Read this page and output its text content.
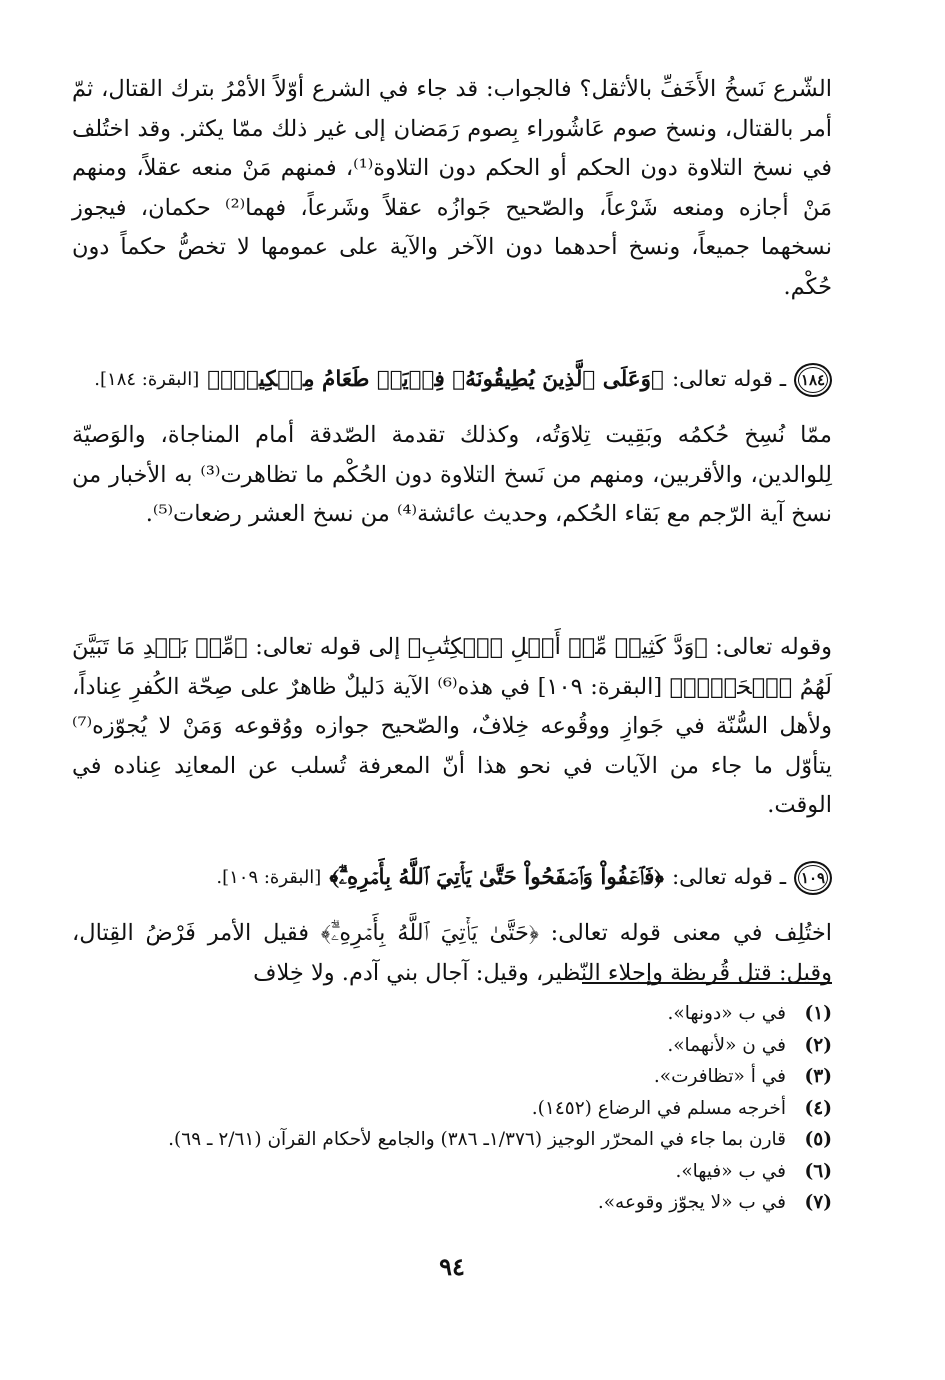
الشّرع نَسخُ الأَخَفِّ بالأثقل؟ فالجواب: قد جاء في الشرع أوّلاً الأمْرُ بترك القتال، ثمّ أمر بالقتال، ونسخ صوم عَاشُوراء بِصوم رَمَضان إلى غير ذلك ممّا يكثر. وقد اختُلف في نسخ التلاوة دون الحكم أو الحكم دون التلاوة⁽¹⁾، فمنهم مَنْ منعه عقلاً، ومنهم مَنْ أجازه ومنعه شَرْعاً، والصّحيح جَوازُه عقلاً وشَرعاً، فهما⁽²⁾ حكمان، فيجوز نسخهما جميعاً، ونسخ أحدهما دون الآخر والآية على عمومها لا تخصُّ حكماً دون حُكْم.

١٨٤
ـ قوله تعالى:
﴿وَعَلَى ٱلَّذِينَ يُطِيقُونَهُۥ فِدۡيَةٞ طَعَامُ مِسۡكِينٖۖ﴾
[البقرة: ١٨٤].

ممّا نُسِخ حُكمُه وبَقِيت تِلاوَتُه، وكذلك تقدمة الصّدقة أمام المناجاة، والوَصيّة لِلوالدين، والأقربين، ومنهم من نَسخ التلاوة دون الحُكْم ما تظاهرت⁽³⁾ به الأخبار من نسخ آية الرّجم مع بَقاء الحُكم، وحديث عائشة⁽⁴⁾ من نسخ العشر رضعات⁽⁵⁾.

وقوله تعالى: ﴿وَدَّ كَثِيرٞ مِّنۡ أَهۡلِ ٱلۡكِتَٰبِ﴾ إلى قوله تعالى: ﴿مِّنۢ بَعۡدِ مَا تَبَيَّنَ لَهُمُ ٱلۡحَقُّۖ﴾ [البقرة: ١٠٩] في هذه⁽⁶⁾ الآية دَليلٌ ظاهرٌ على صِحّة الكُفرِ عِناداً، ولأهل السُّنّة في جَوازِ ووقُوعه خِلافٌ، والصّحيح جوازه ووُقوعه وَمَنْ لا يُجوّزه⁽⁷⁾ يتأوّل ما جاء من الآيات في نحو هذا أنّ المعرفة تُسلب عن المعانِد عِناده في الوقت.

١٠٩
ـ قوله تعالى:
﴿فَٱعۡفُواْ وَٱصۡفَحُواْ حَتَّىٰ يَأۡتِيَ ٱللَّهُ بِأَمۡرِهِۦٓۗ﴾
[البقرة: ١٠٩].

اختُلِف في معنى قوله تعالى: ﴿حَتَّىٰ يَأۡتِيَ ٱللَّهُ بِأَمۡرِهِۦٓۗ﴾ فقيل الأمر فَرْضُ القِتال، وقيل: قتل قُريظة وإجلاء النّظير، وقيل: آجال بني آدم. ولا خِلاف

(١)
في ب «دونها».
(٢)
في ن «لأنهما».
(٣)
في أ «تظافرت».
(٤)
أخرجه مسلم في الرضاع (١٤٥٢).
(٥)
قارن بما جاء في المحرّر الوجيز (١/٣٧٦ـ ٣٨٦) والجامع لأحكام القرآن (٢/٦١ ـ ٦٩).
(٦)
في ب «فيها».
(٧)
في ب «لا يجوّز وقوعه».
٩٤
